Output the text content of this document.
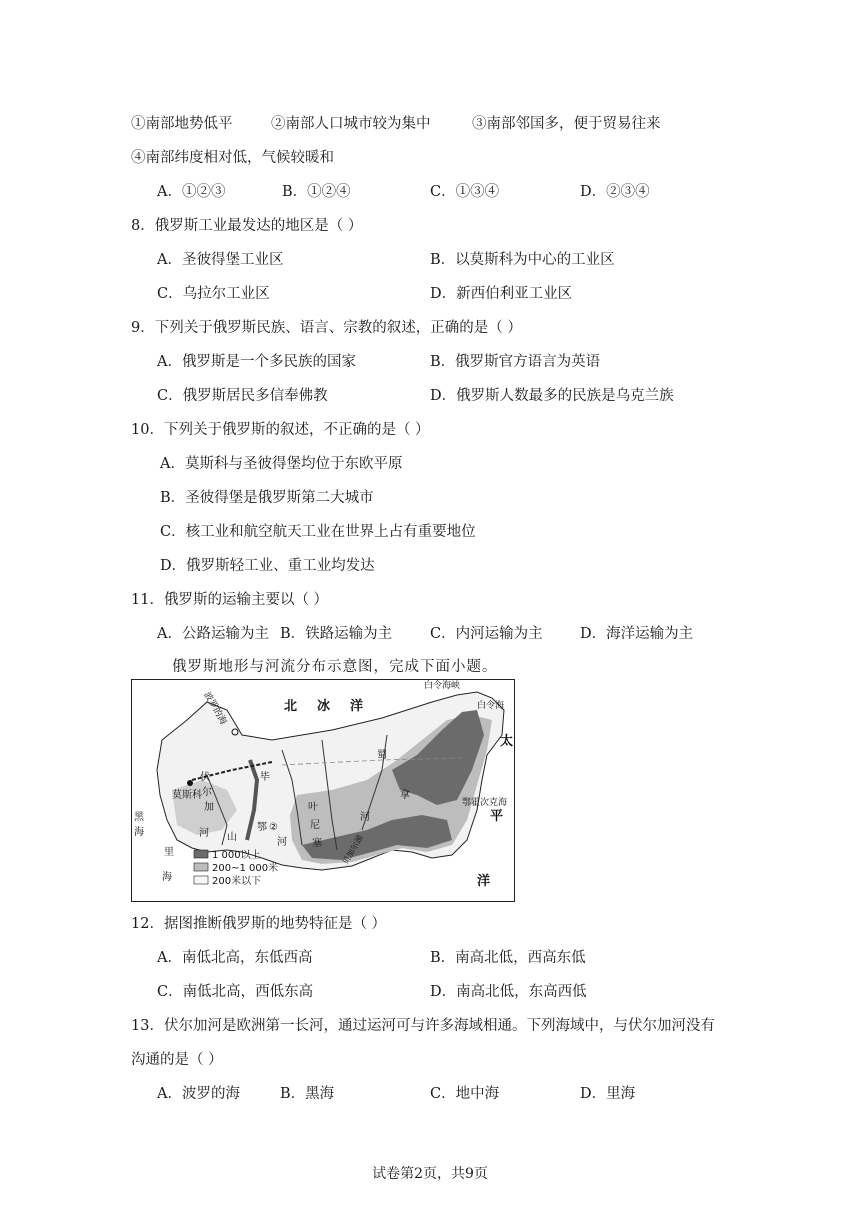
①南部地势低平	②南部人口城市较为集中	③南部邻国多，便于贸易往来
④南部纬度相对低，气候较暖和
A．①②③	B．①②④	C．①③④	D．②③④
8．俄罗斯工业最发达的地区是（ ）
A．圣彼得堡工业区	B．以莫斯科为中心的工业区
C．乌拉尔工业区	D．新西伯利亚工业区
9．下列关于俄罗斯民族、语言、宗教的叙述，正确的是（ ）
A．俄罗斯是一个多民族的国家	B．俄罗斯官方语言为英语
C．俄罗斯居民多信奉佛教	D．俄罗斯人数最多的民族是乌克兰族
10．下列关于俄罗斯的叙述，不正确的是（ ）
A．莫斯科与圣彼得堡均位于东欧平原
B．圣彼得堡是俄罗斯第二大城市
C．核工业和航空航天工业在世界上占有重要地位
D．俄罗斯轻工业、重工业均发达
11．俄罗斯的运输主要以（ ）
A．公路运输为主 B．铁路运输为主	C．内河运输为主	D．海洋运输为主
俄罗斯地形与河流分布示意图，完成下面小题。
北 冰 洋
波罗的海
莫斯科
伏
尔
加
河 山
鄂 ②
毕
河
叶
尼
塞
河
蜀
拿
白令海峡
白令海
鄂霍次克海
太
平
洋
黑
海
里
海
贝加尔湖
1 000以上
200~1 000米
200米以下
12．据图推断俄罗斯的地势特征是（ ）
A．南低北高，东低西高	B．南高北低，西高东低
C．南低北高，西低东高	D．南高北低，东高西低
13．伏尔加河是欧洲第一长河，通过运河可与许多海域相通。下列海域中，与伏尔加河没有
沟通的是（ ）
A．波罗的海	B．黑海	C．地中海	D．里海
试卷第2页，共9页
